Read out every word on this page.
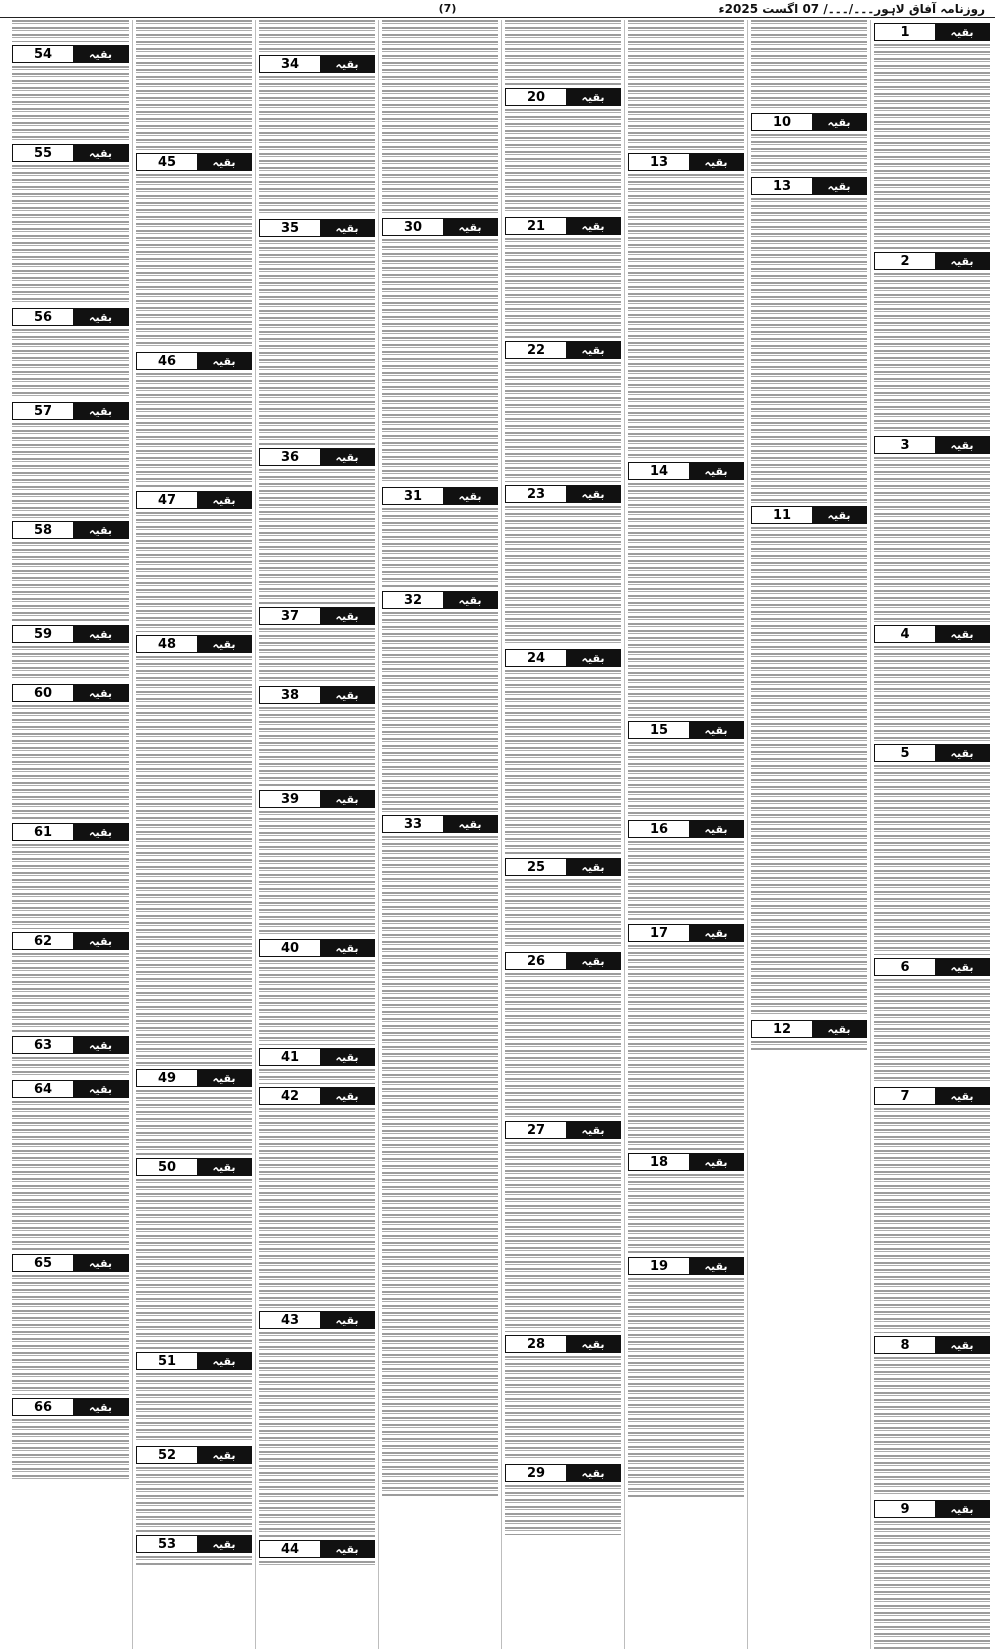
(7)	روزنامہ آفاق لاہور۔۔۔/۔۔۔/ 07 اگست 2025ء
بقیہ
1
بقیہ
2
بقیہ
3
بقیہ
4
بقیہ
5
بقیہ
6
بقیہ
7
بقیہ
8
بقیہ
9
بقیہ
10
بقیہ
13
بقیہ
11
بقیہ
12
بقیہ
13
بقیہ
14
بقیہ
15
بقیہ
16
بقیہ
17
بقیہ
18
بقیہ
19
بقیہ
20
بقیہ
21
بقیہ
22
بقیہ
23
بقیہ
24
بقیہ
25
بقیہ
26
بقیہ
27
بقیہ
28
بقیہ
29
بقیہ
30
بقیہ
31
بقیہ
32
بقیہ
33
بقیہ
34
بقیہ
35
بقیہ
36
بقیہ
37
بقیہ
38
بقیہ
39
بقیہ
40
بقیہ
41
بقیہ
42
بقیہ
43
بقیہ
44
بقیہ
45
بقیہ
46
بقیہ
47
بقیہ
48
بقیہ
49
بقیہ
50
بقیہ
51
بقیہ
52
بقیہ
53
بقیہ
54
بقیہ
55
بقیہ
56
بقیہ
57
بقیہ
58
بقیہ
59
بقیہ
60
بقیہ
61
بقیہ
62
بقیہ
63
بقیہ
64
بقیہ
65
بقیہ
66
